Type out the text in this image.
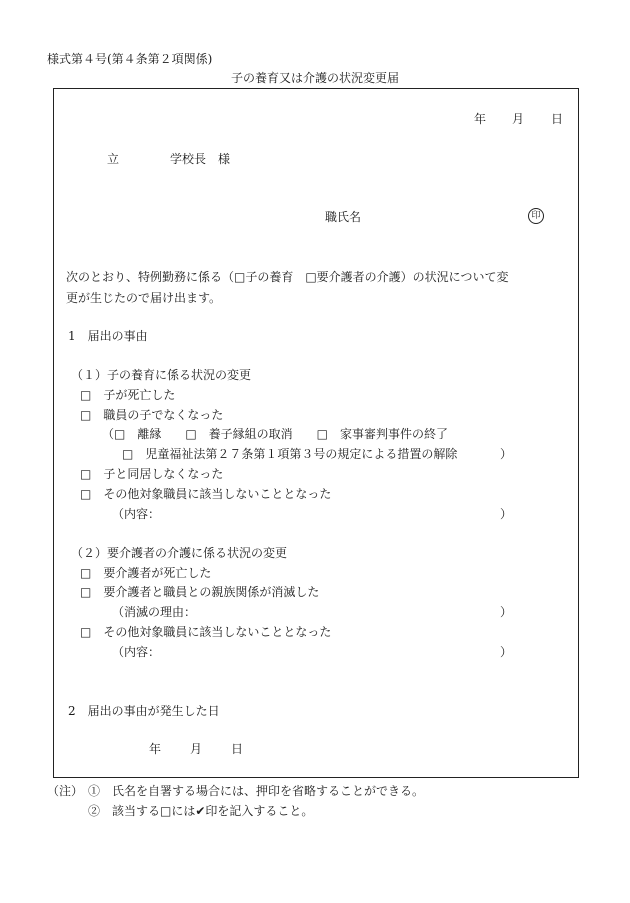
様式第４号(第４条第２項関係)
子の養育又は介護の状況変更届
年 月 日
立	学校長　様
職氏名	印
次のとおり、特例勤務に係る（□子の養育　□要介護者の介護）の状況について変
更が生じたので届け出ます。
1　届出の事由
（１）子の養育に係る状況の変更
□　子が死亡した
□　職員の子でなくなった
（□　離縁　　□　養子縁組の取消　　□　家事審判事件の終了
□　児童福祉法第２７条第１項第３号の規定による措置の解除	）
□　子と同居しなくなった
□　その他対象職員に該当しないこととなった
（内容：	）
（２）要介護者の介護に係る状況の変更
□　要介護者が死亡した
□　要介護者と職員との親族関係が消滅した
（消滅の理由：	）
□　その他対象職員に該当しないこととなった
（内容：	）
2　届出の事由が発生した日
年 月 日
（注） ①　氏名を自署する場合には、押印を省略することができる。
②　該当する□には✔印を記入すること。
